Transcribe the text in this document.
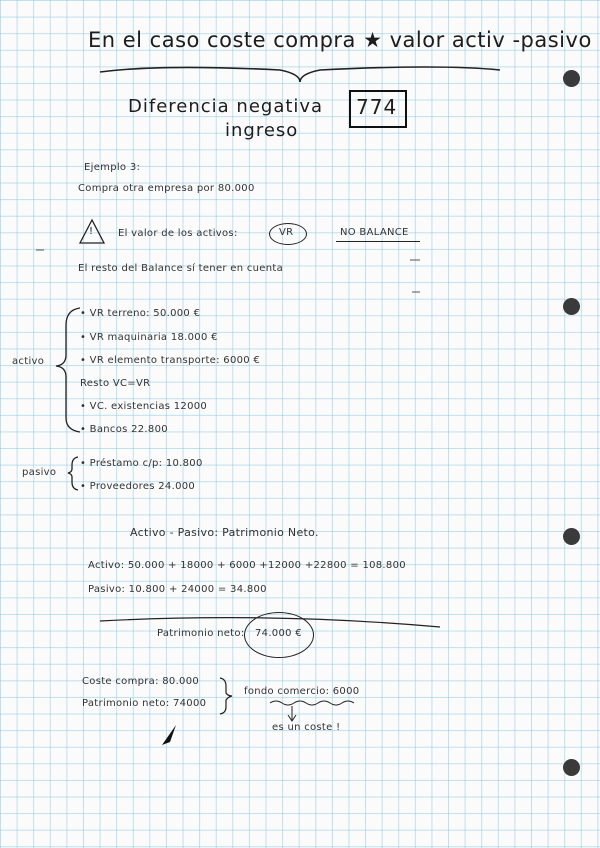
En el caso coste compra ★ valor activ -pasivo
Diferencia negativa 774
ingreso
Ejemplo 3:
Compra otra empresa por 80.000
! El valor de los activos:	VR	NO BALANCE
El resto del Balance sí tener en cuenta
activo
• VR terreno: 50.000 €
• VR maquinaria 18.000 €
• VR elemento transporte: 6000 €
Resto VC=VR
• VC. existencias 12000
• Bancos 22.800
pasivo
• Préstamo c/p: 10.800
• Proveedores 24.000
Activo - Pasivo: Patrimonio Neto.
Activo: 50.000 + 18000 + 6000 +12000 +22800 = 108.800
Pasivo: 10.800 + 24000 = 34.800
Patrimonio neto: 74.000 €
Coste compra: 80.000
Patrimonio neto: 74000
fondo comercio: 6000
es un coste !
